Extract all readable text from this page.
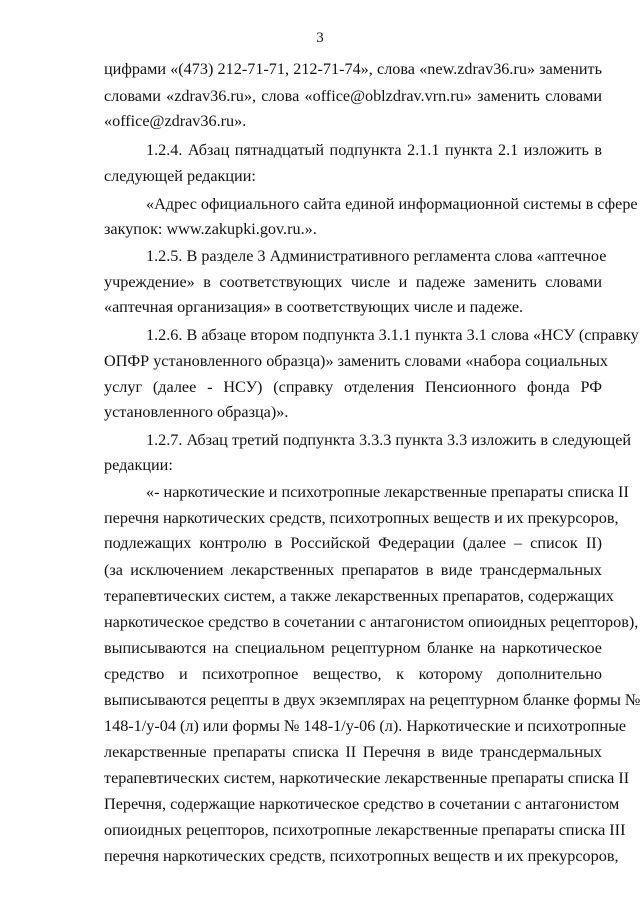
3
цифрами «(473) 212-71-71, 212-71-74», слова «new.zdrav36.ru» заменить
словами «zdrav36.ru», слова «office@oblzdrav.vrn.ru» заменить словами
«office@zdrav36.ru».
1.2.4. Абзац пятнадцатый подпункта 2.1.1 пункта 2.1 изложить в
следующей редакции:
«Адрес официального сайта единой информационной системы в сфере
закупок: www.zakupki.gov.ru.».
1.2.5. В разделе 3 Административного регламента слова «аптечное
учреждение» в соответствующих числе и падеже заменить словами
«аптечная организация» в соответствующих числе и падеже.
1.2.6. В абзаце втором подпункта 3.1.1 пункта 3.1 слова «НСУ (справку
ОПФР установленного образца)» заменить словами «набора социальных
услуг (далее - НСУ) (справку отделения Пенсионного фонда РФ
установленного образца)».
1.2.7. Абзац третий подпункта 3.3.3 пункта 3.3 изложить в следующей
редакции:
«- наркотические и психотропные лекарственные препараты списка II
перечня наркотических средств, психотропных веществ и их прекурсоров,
подлежащих контролю в Российской Федерации (далее – список II)
(за исключением лекарственных препаратов в виде трансдермальных
терапевтических систем, а также лекарственных препаратов, содержащих
наркотическое средство в сочетании с антагонистом опиоидных рецепторов),
выписываются на специальном рецептурном бланке на наркотическое
средство и психотропное вещество, к которому дополнительно
выписываются рецепты в двух экземплярах на рецептурном бланке формы №
148-1/у-04 (л) или формы № 148-1/у-06 (л). Наркотические и психотропные
лекарственные препараты списка II Перечня в виде трансдермальных
терапевтических систем, наркотические лекарственные препараты списка II
Перечня, содержащие наркотическое средство в сочетании с антагонистом
опиоидных рецепторов, психотропные лекарственные препараты списка III
перечня наркотических средств, психотропных веществ и их прекурсоров,
